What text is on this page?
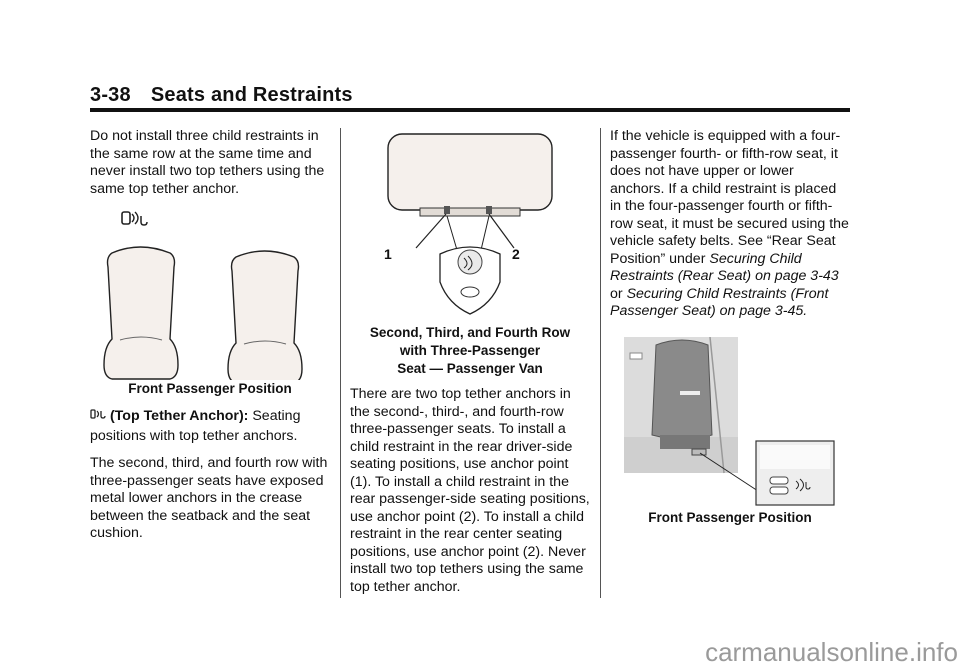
3-38 Seats and Restraints

Do not install three child restraints in the same row at the same time and never install two top tethers using the same top tether anchor.

Front Passenger Position

(Top Tether Anchor): Seating positions with top tether anchors.

The second, third, and fourth row with three-passenger seats have exposed metal lower anchors in the crease between the seatback and the seat cushion.

1	2
Second, Third, and Fourth Row
with Three-Passenger
Seat — Passenger Van

There are two top tether anchors in the second-, third-, and fourth-row three-passenger seats. To install a child restraint in the rear driver-side seating positions, use anchor point (1). To install a child restraint in the rear passenger-side seating positions, use anchor point (2). To install a child restraint in the rear center seating positions, use anchor point (2). Never install two top tethers using the same top tether anchor.

If the vehicle is equipped with a four-passenger fourth- or fifth-row seat, it does not have upper or lower anchors. If a child restraint is placed in the four-passenger fourth or fifth-row seat, it must be secured using the vehicle safety belts. See “Rear Seat Position” under Securing Child Restraints (Rear Seat) on page 3-43 or Securing Child Restraints (Front Passenger Seat) on page 3-45.

Front Passenger Position
carmanualsonline.info
